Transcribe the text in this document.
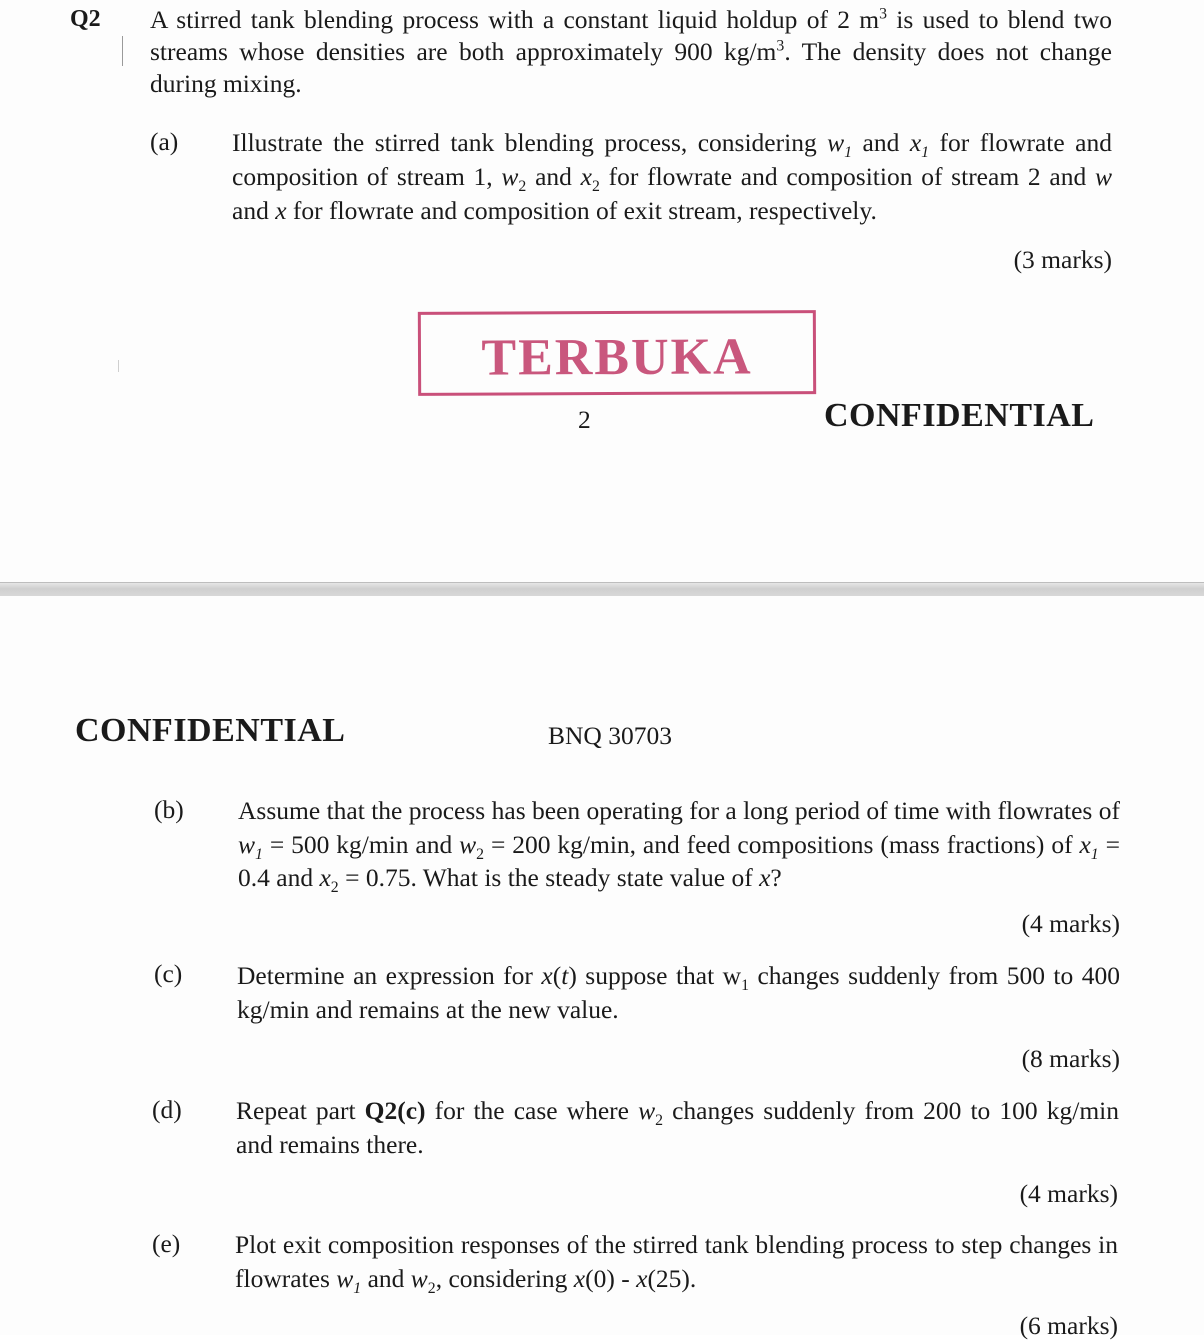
Q2 A stirred tank blending process with a constant liquid holdup of 2 $m^3$ is used to blend two streams whose densities are both approximately 900 $kg/m^3$. The density does not change during mixing.
(a) Illustrate the stirred tank blending process, considering $w_1$ and $x_1$ for flowrate and composition of stream 1, $w_2$ and $x_2$ for flowrate and composition of stream 2 and w and x for flowrate and composition of exit stream, respectively.
(3 marks)
TERBUKA
2	CONFIDENTIAL
CONFIDENTIAL	BNQ 30703
(b) Assume that the process has been operating for a long period of time with flowrates of $w_1 = 500$ kg/min and $w_2 = 200$ kg/min, and feed compositions (mass fractions) of $x_1 = 0.4$ and $x_2 = 0.75$. What is the steady state value of x?
(4 marks)
(c) Determine an expression for x(t) suppose that $w_1$ changes suddenly from 500 to 400 kg/min and remains at the new value.
(8 marks)
(d) Repeat part Q2(c) for the case where $w_2$ changes suddenly from 200 to 100 kg/min and remains there.
(4 marks)
(e) Plot exit composition responses of the stirred tank blending process to step changes in flowrates $w_1$ and $w_2$, considering x(0) - x(25).
(6 marks)
